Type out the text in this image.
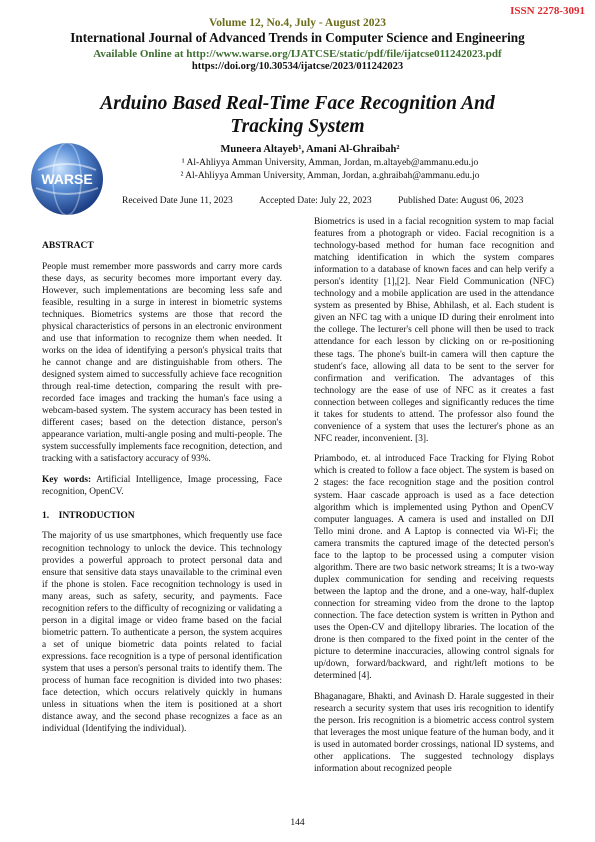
ISSN 2278-3091
Volume 12, No.4, July - August 2023
International Journal of Advanced Trends in Computer Science and Engineering
Available Online at http://www.warse.org/IJATCSE/static/pdf/file/ijatcse011242023.pdf
https://doi.org/10.30534/ijatcse/2023/011242023
Arduino Based Real-Time Face Recognition And
Tracking System
WARSE
Muneera Altayeb¹, Amani Al-Ghraibah²
¹ Al-Ahliyya Amman University, Amman, Jordan, m.altayeb@ammanu.edu.jo
² Al-Ahliyya Amman University, Amman, Jordan, a.ghraibah@ammanu.edu.jo
Received Date June 11, 2023	Accepted Date: July 22, 2023	Published Date: August 06, 2023

ABSTRACT

People must remember more passwords and carry more cards these days, as security becomes more important every day. However, such implementations are becoming less safe and feasible, resulting in a surge in interest in biometric systems techniques. Biometrics systems are those that record the physical characteristics of persons in an electronic environment and use that information to recognize them when needed. It works on the idea of identifying a person's physical traits that he cannot change and are distinguishable from others. The designed system aimed to successfully achieve face recognition through real-time detection, comparing the result with pre-recorded face images and tracking the human's face using a webcam-based system. The system accuracy has been tested in different cases; based on the detection distance, person's appearance variation, multi-angle posing and multi-people. The system successfully implements face recognition, detection, and tracking with a satisfactory accuracy of 93%.

Key words: Artificial Intelligence, Image processing, Face recognition, OpenCV.

1.    INTRODUCTION

The majority of us use smartphones, which frequently use face recognition technology to unlock the device. This technology provides a powerful approach to protect personal data and ensure that sensitive data stays unavailable to the criminal even if the phone is stolen. Face recognition technology is used in many areas, such as safety, security, and payments. Face recognition refers to the difficulty of recognizing or validating a person in a digital image or video frame based on the facial biometric pattern. To authenticate a person, the system acquires a set of unique biometric data points related to facial expressions. face recognition is a type of personal identification system that uses a person's personal traits to identify them. The process of human face recognition is divided into two phases: face detection, which occurs relatively quickly in humans unless in situations when the item is positioned at a short distance away, and the second phase recognizes a face as an individual (Identifying the individual).

Biometrics is used in a facial recognition system to map facial features from a photograph or video. Facial recognition is a technology-based method for human face recognition and matching identification in which the system compares information to a database of known faces and can help verify a person's identity [1],[2]. Near Field Communication (NFC) technology and a mobile application are used in the attendance system as presented by Bhise, Abhilash, et al. Each student is given an NFC tag with a unique ID during their enrolment into the college. The lecturer's cell phone will then be used to track attendance for each lesson by clicking on or re-positioning these tags. The phone's built-in camera will then capture the student's face, allowing all data to be sent to the server for confirmation and verification. The advantages of this technology are the ease of use of NFC as it creates a fast connection between colleges and significantly reduces the time it takes for students to attend. The professor also found the convenience of a system that uses the lecturer's phone as an NFC reader, inconvenient. [3].

Priambodo, et. al introduced Face Tracking for Flying Robot which is created to follow a face object. The system is based on 2 stages: the face recognition stage and the position control system. Haar cascade approach is used as a face detection algorithm which is implemented using Python and OpenCV computer languages. A camera is used and installed on DJI Tello mini drone. and A Laptop is connected via Wi-Fi; the camera transmits the captured image of the detected person's face to the laptop to be processed using a computer vision algorithm. There are two basic network streams; It is a two-way duplex communication for sending and receiving requests between the laptop and the drone, and a one-way, half-duplex connection for streaming video from the drone to the laptop connection. The face detection system is written in Python and uses the Open-CV and djitellopy libraries. The location of the drone is then compared to the fixed point in the center of the picture to determine inaccuracies, allowing control signals for up/down, forward/backward, and right/left motions to be determined [4].

Bhaganagare, Bhakti, and Avinash D. Harale suggested in their research a security system that uses iris recognition to identify the person. Iris recognition is a biometric access control system that leverages the most unique feature of the human body, and it is used in automated border crossings, national ID systems, and other applications. The suggested technology displays information about recognized people

144
